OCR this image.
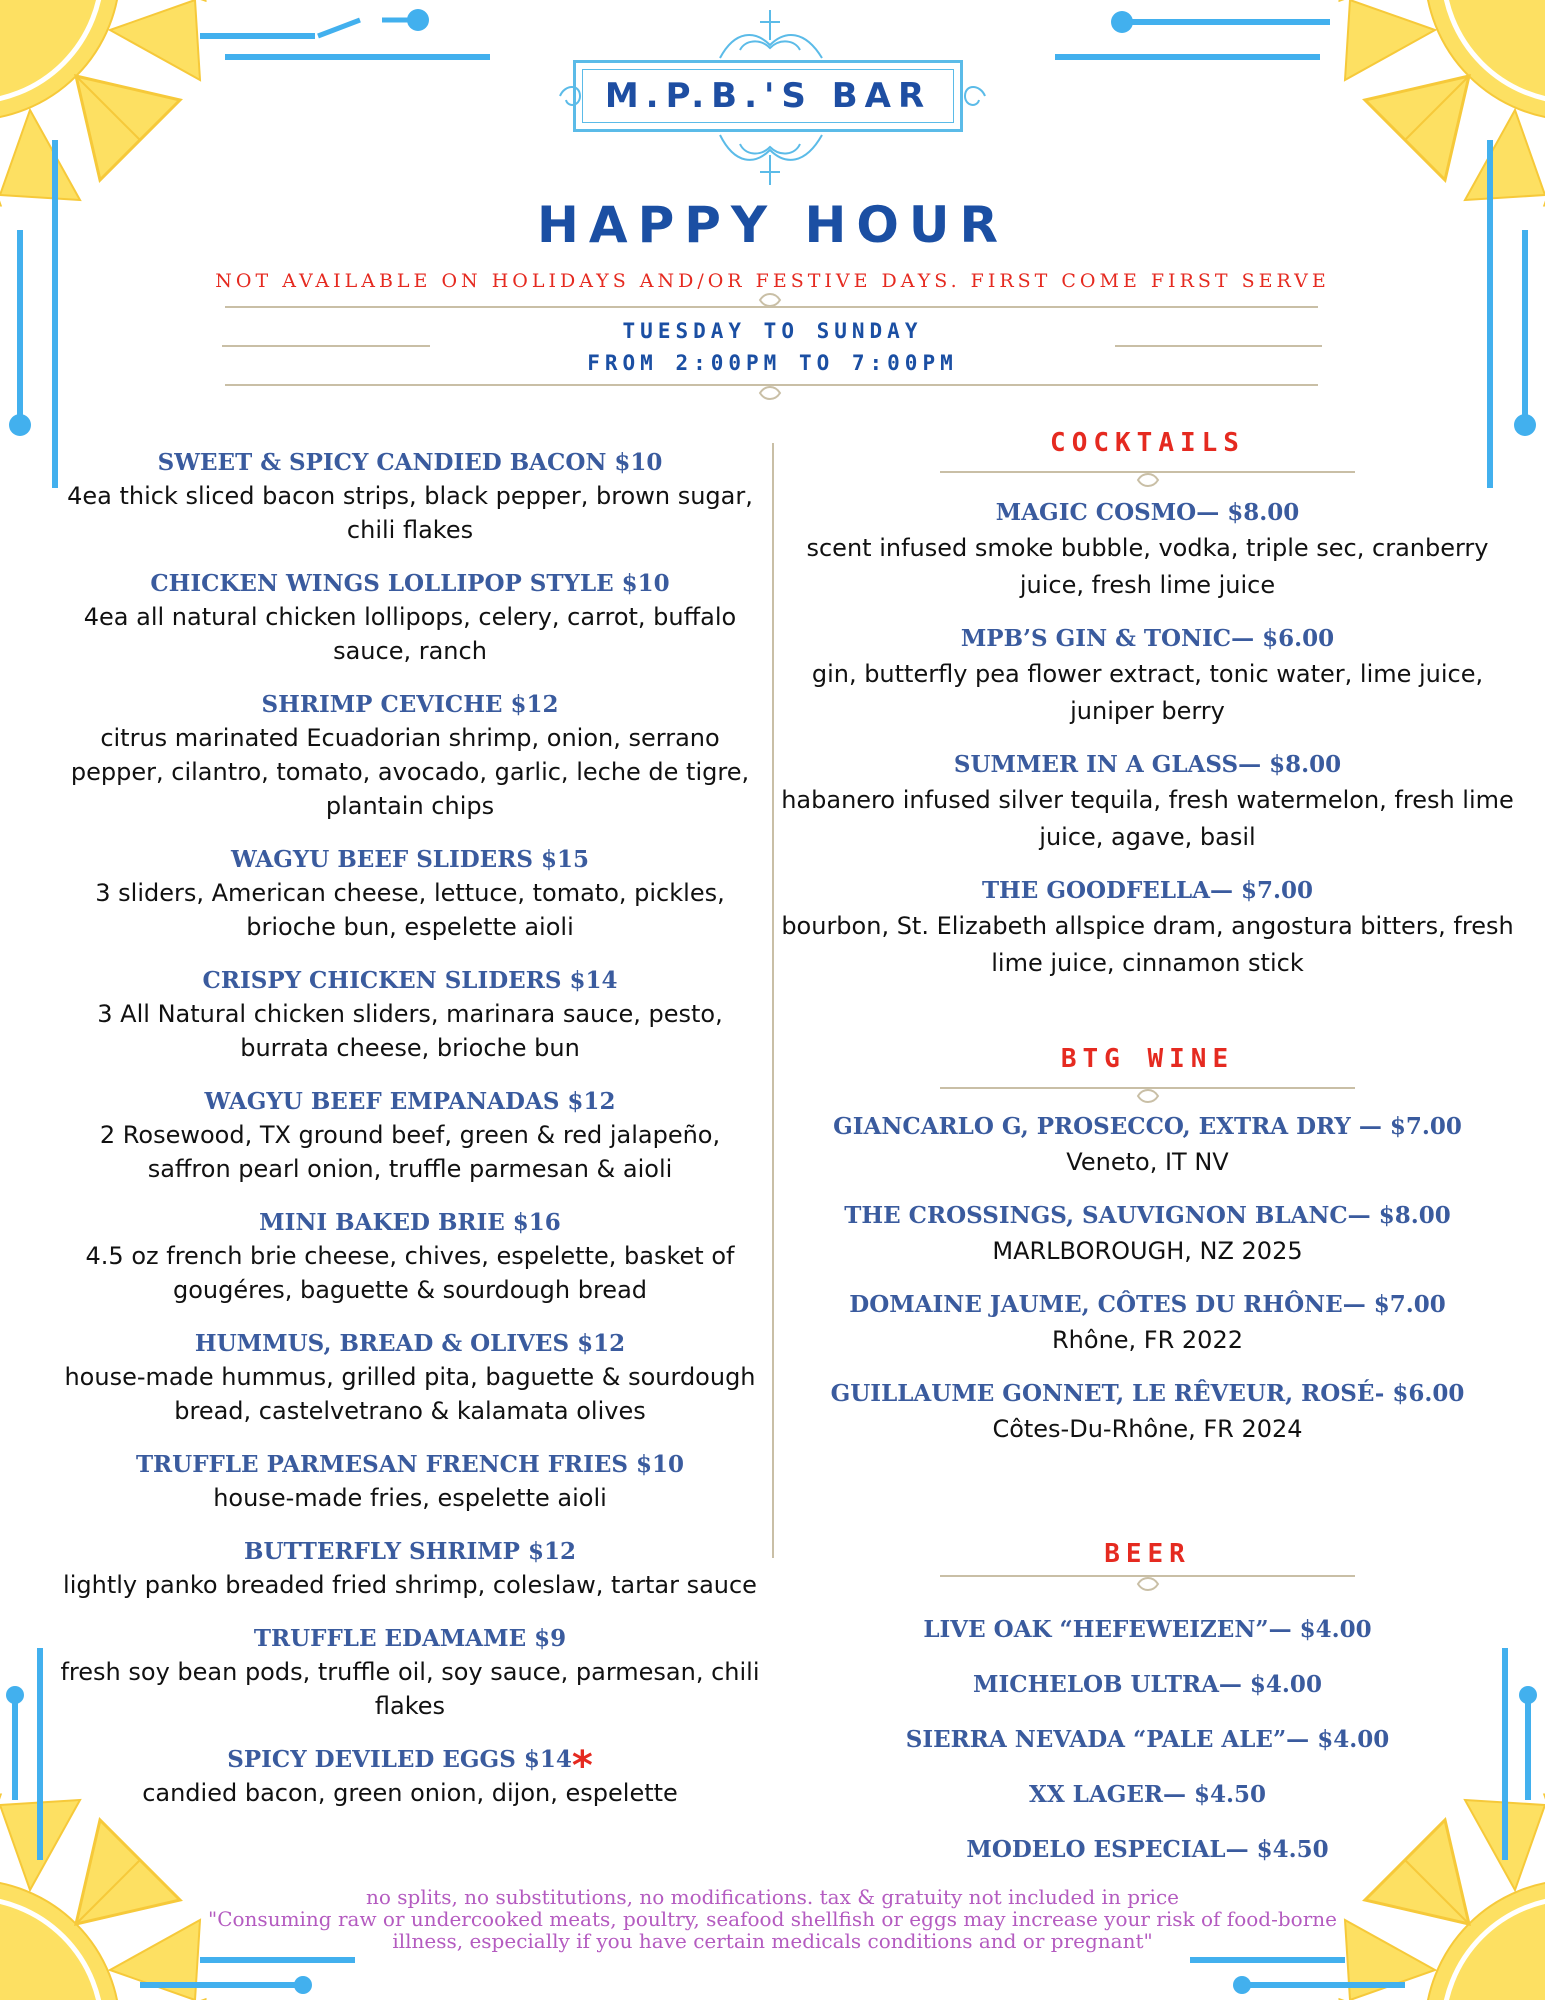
M.P.B.'S BAR
HAPPY HOUR
NOT AVAILABLE ON HOLIDAYS AND/OR FESTIVE DAYS. FIRST COME FIRST SERVE
TUESDAY TO SUNDAY
FROM 2:00PM TO 7:00PM
SWEET & SPICY CANDIED BACON $10
4ea thick sliced bacon strips, black pepper, brown sugar, chili flakes
CHICKEN WINGS LOLLIPOP STYLE $10
4ea all natural chicken lollipops, celery, carrot, buffalo sauce, ranch
SHRIMP CEVICHE $12
citrus marinated Ecuadorian shrimp, onion, serrano pepper, cilantro, tomato, avocado, garlic, leche de tigre, plantain chips
WAGYU BEEF SLIDERS $15
3 sliders, American cheese, lettuce, tomato, pickles, brioche bun, espelette aioli
CRISPY CHICKEN SLIDERS $14
3 All Natural chicken sliders, marinara sauce, pesto, burrata cheese, brioche bun
WAGYU BEEF EMPANADAS $12
2 Rosewood, TX ground beef, green & red jalapeño, saffron pearl onion, truffle parmesan & aioli
MINI BAKED BRIE $16
4.5 oz french brie cheese, chives, espelette, basket of gougéres, baguette & sourdough bread
HUMMUS, BREAD & OLIVES $12
house-made hummus, grilled pita, baguette & sourdough bread, castelvetrano & kalamata olives
TRUFFLE PARMESAN FRENCH FRIES $10
house-made fries, espelette aioli
BUTTERFLY SHRIMP $12
lightly panko breaded fried shrimp, coleslaw, tartar sauce
TRUFFLE EDAMAME $9
fresh soy bean pods, truffle oil, soy sauce, parmesan, chili flakes
SPICY DEVILED EGGS $14*
candied bacon, green onion, dijon, espelette
COCKTAILS
MAGIC COSMO— $8.00
scent infused smoke bubble, vodka, triple sec, cranberry juice, fresh lime juice
MPB’S GIN & TONIC— $6.00
gin, butterfly pea flower extract, tonic water, lime juice, juniper berry
SUMMER IN A GLASS— $8.00
habanero infused silver tequila, fresh watermelon, fresh lime juice, agave, basil
THE GOODFELLA— $7.00
bourbon, St. Elizabeth allspice dram, angostura bitters, fresh lime juice, cinnamon stick
BTG WINE
GIANCARLO G, PROSECCO, EXTRA DRY — $7.00
Veneto, IT NV
THE CROSSINGS, SAUVIGNON BLANC— $8.00
MARLBOROUGH, NZ 2025
DOMAINE JAUME, CÔTES DU RHÔNE— $7.00
Rhône, FR 2022
GUILLAUME GONNET, LE RÊVEUR, ROSÉ- $6.00
Côtes-Du-Rhône, FR 2024
BEER
LIVE OAK “HEFEWEIZEN”— $4.00
MICHELOB ULTRA— $4.00
SIERRA NEVADA “PALE ALE”— $4.00
XX LAGER— $4.50
MODELO ESPECIAL— $4.50
no splits, no substitutions, no modifications. tax & gratuity not included in price
"Consuming raw or undercooked meats, poultry, seafood shellfish or eggs may increase your risk of food-borne
illness, especially if you have certain medicals conditions and or pregnant"
